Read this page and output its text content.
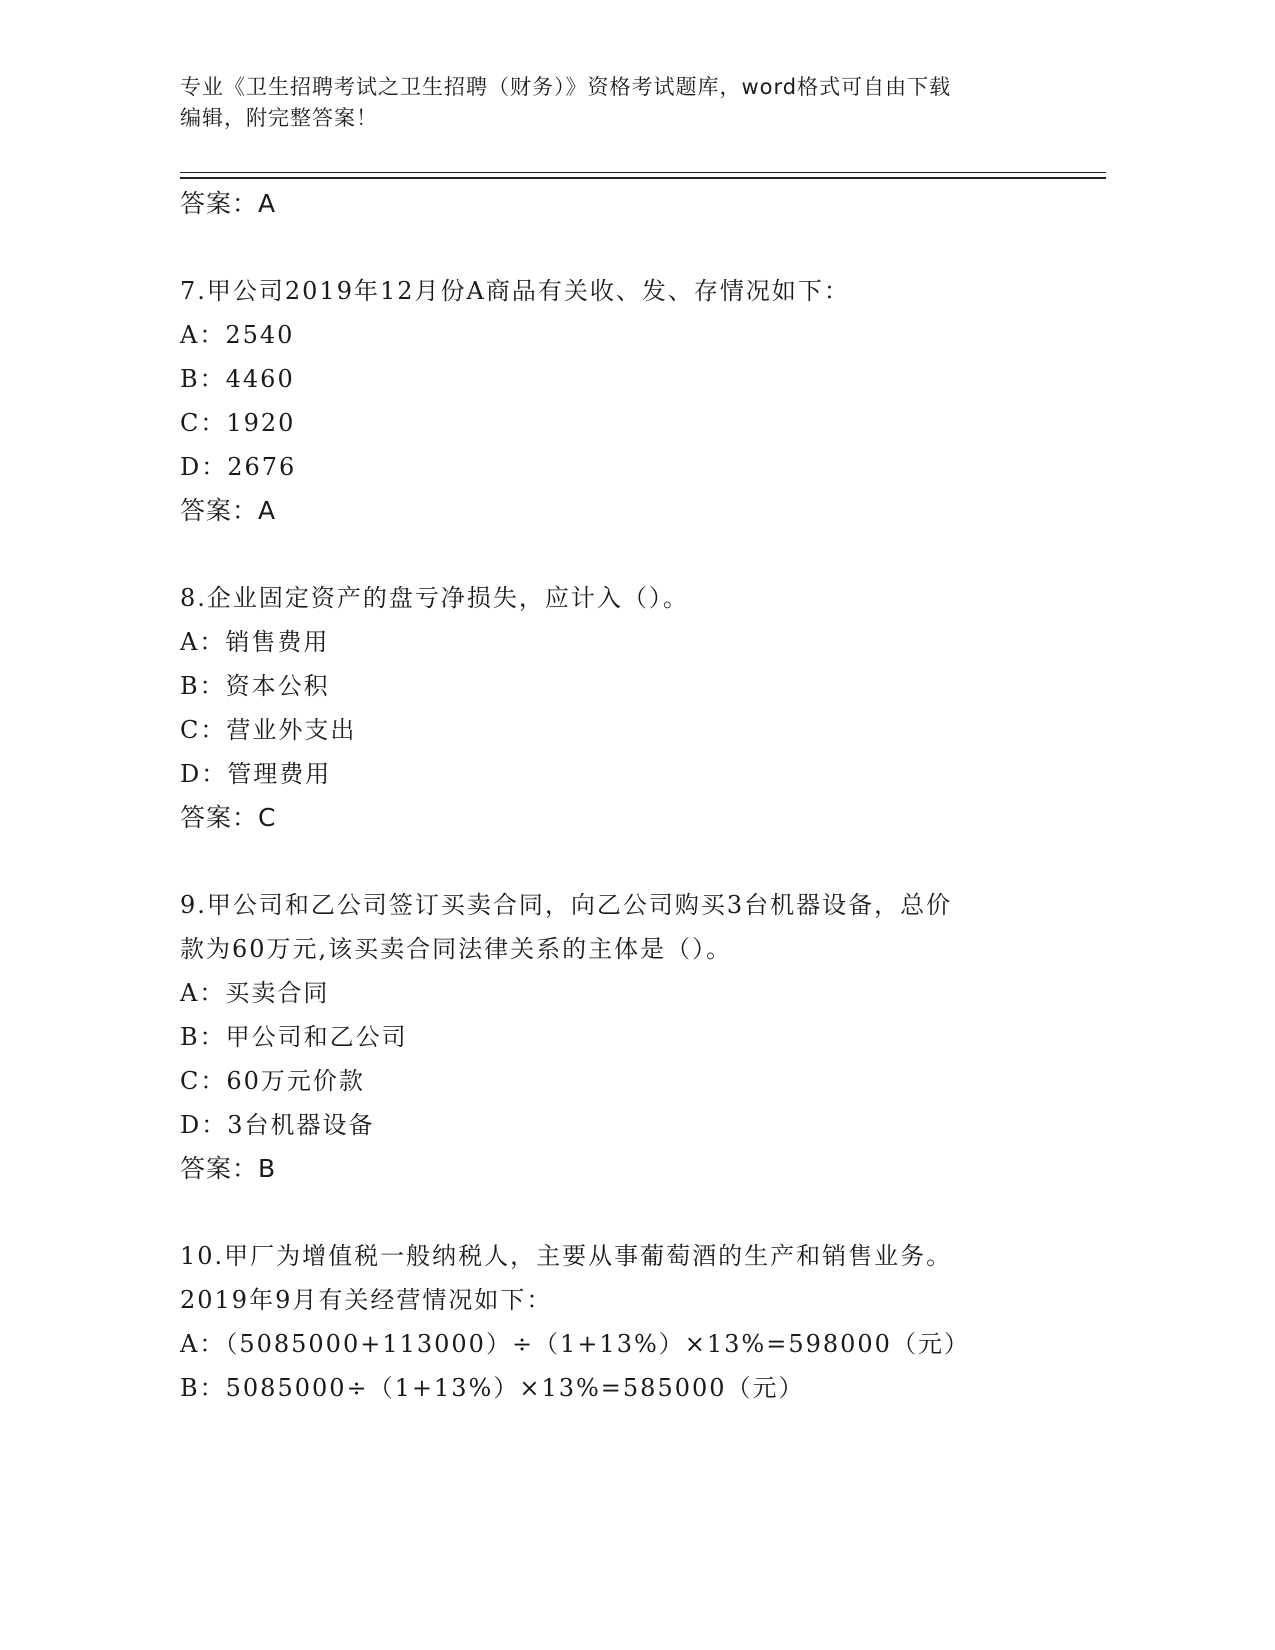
专业《卫生招聘考试之卫生招聘（财务）》资格考试题库，word格式可自由下载
编辑，附完整答案！
答案：A
7.甲公司2019年12月份A商品有关收、发、存情况如下：
A：2540
B：4460
C：1920
D：2676
答案：A
8.企业固定资产的盘亏净损失，应计入（）。
A：销售费用
B：资本公积
C：营业外支出
D：管理费用
答案：C
9.甲公司和乙公司签订买卖合同，向乙公司购买3台机器设备，总价
款为60万元,该买卖合同法律关系的主体是（）。
A：买卖合同
B：甲公司和乙公司
C：60万元价款
D：3台机器设备
答案：B
10.甲厂为增值税一般纳税人，主要从事葡萄酒的生产和销售业务。
2019年9月有关经营情况如下：
A：（5085000+113000）÷（1+13%）×13%=598000（元）
B：5085000÷（1+13%）×13%=585000（元）
